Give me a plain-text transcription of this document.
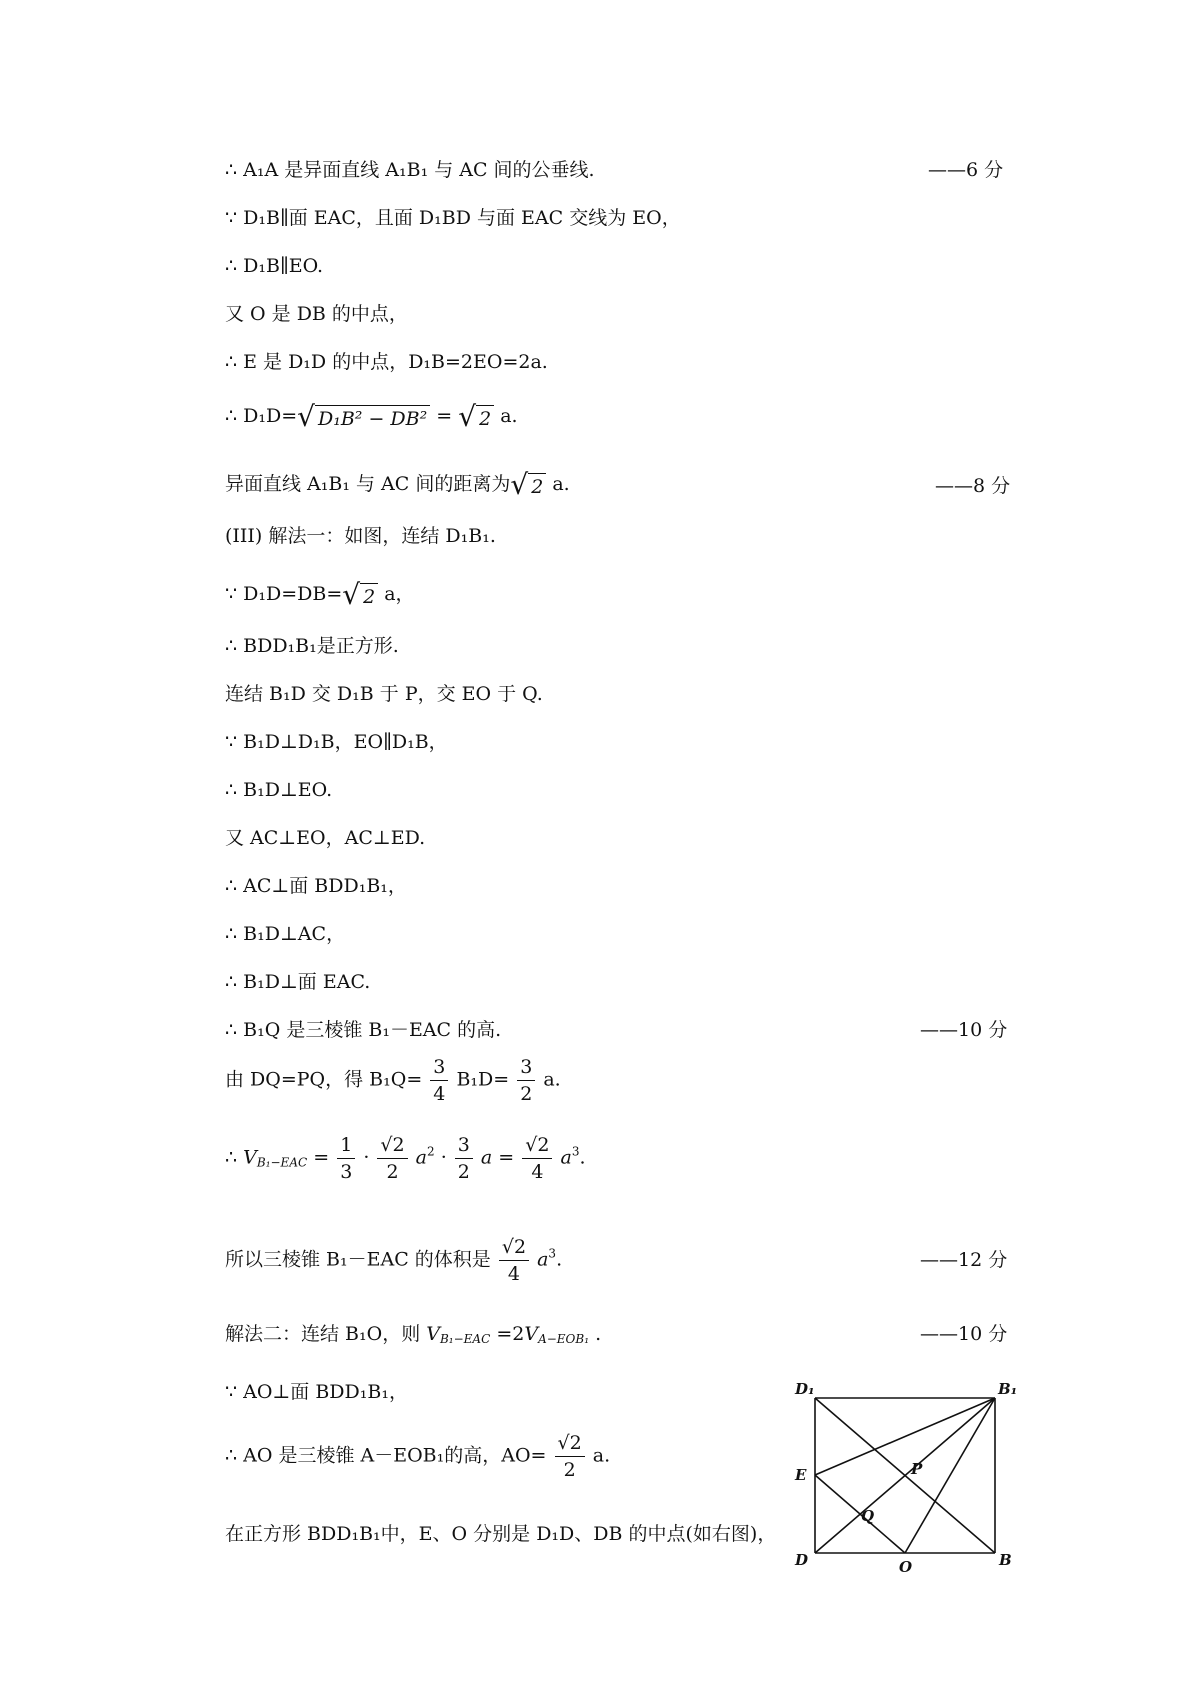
∴ A₁A 是异面直线 A₁B₁ 与 AC 间的公垂线.	——6 分
∵ D₁B∥面 EAC，且面 D₁BD 与面 EAC 交线为 EO，
∴ D₁B∥EO.
又 O 是 DB 的中点，
∴ E 是 D₁D 的中点，D₁B=2EO=2a.
∴ D₁D= √ D₁B² − DB² = √ 2 a.
异面直线 A₁B₁ 与 AC 间的距离为 √ 2 a.	——8 分
(III) 解法一：如图，连结 D₁B₁.
∵ D₁D=DB= √ 2 a，
∴ BDD₁B₁是正方形.
连结 B₁D 交 D₁B 于 P，交 EO 于 Q.
∵ B₁D⊥D₁B，EO∥D₁B，
∴ B₁D⊥EO.
又 AC⊥EO，AC⊥ED.
∴ AC⊥面 BDD₁B₁，
∴ B₁D⊥AC，
∴ B₁D⊥面 EAC.
∴ B₁Q 是三棱锥 B₁－EAC 的高.	——10 分
由 DQ=PQ，得 $B_1Q= \frac{3}{4} B_1D= \frac{3}{2} a$.
∴ $V_{B_1-EAC} = \frac{1}{3} \cdot \frac{√2}{2} a^2 \cdot \frac{3}{2}$ $a = \frac{√2}{4} a^3$.
所以三棱锥 B₁－EAC 的体积是 $\frac{√2}{4} a^3$.	——12 分
解法二：连结 B₁O，则 $V_{B_1-EAC} =2V_{A-EOB_1}$ .	——10 分
∵ AO⊥面 BDD₁B₁，
∴ AO 是三棱锥 A－EOB₁的高，$AO= \frac{√2}{2} a$.
在正方形 BDD₁B₁中，E、O 分别是 D₁D、DB 的中点(如右图)，
D₁	B₁
E	P
Q
D	O	B
